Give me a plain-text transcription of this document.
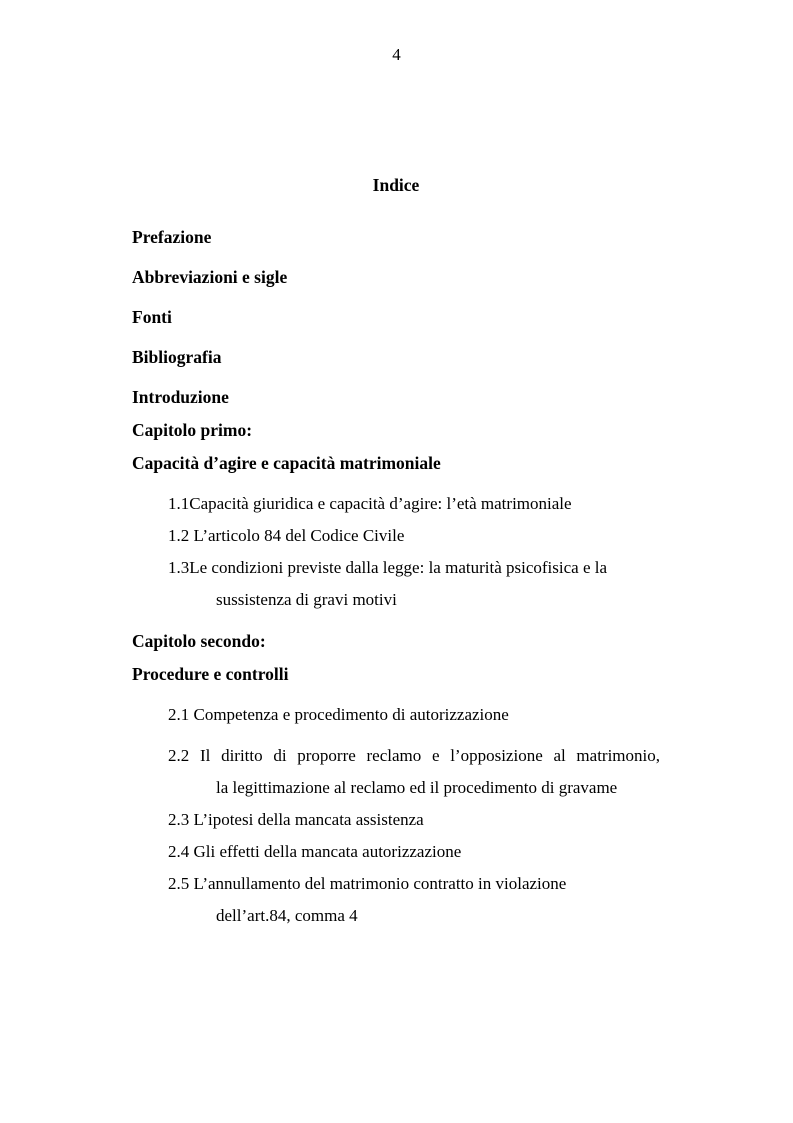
4
Indice
Prefazione
Abbreviazioni e sigle
Fonti
Bibliografia
Introduzione
Capitolo primo:
Capacità d’agire e capacità matrimoniale
1.1Capacità giuridica e capacità d’agire: l’età matrimoniale
1.2 L’articolo 84 del Codice Civile
1.3Le condizioni previste dalla legge: la maturità psicofisica e la
sussistenza di gravi motivi
Capitolo secondo:
Procedure e controlli
2.1 Competenza e procedimento di autorizzazione
2.2 Il diritto di proporre reclamo e l’opposizione al matrimonio,
la legittimazione al reclamo ed il procedimento di gravame
2.3 L’ipotesi della mancata assistenza
2.4 Gli effetti della mancata autorizzazione
2.5 L’annullamento del matrimonio contratto in violazione
dell’art.84, comma 4
